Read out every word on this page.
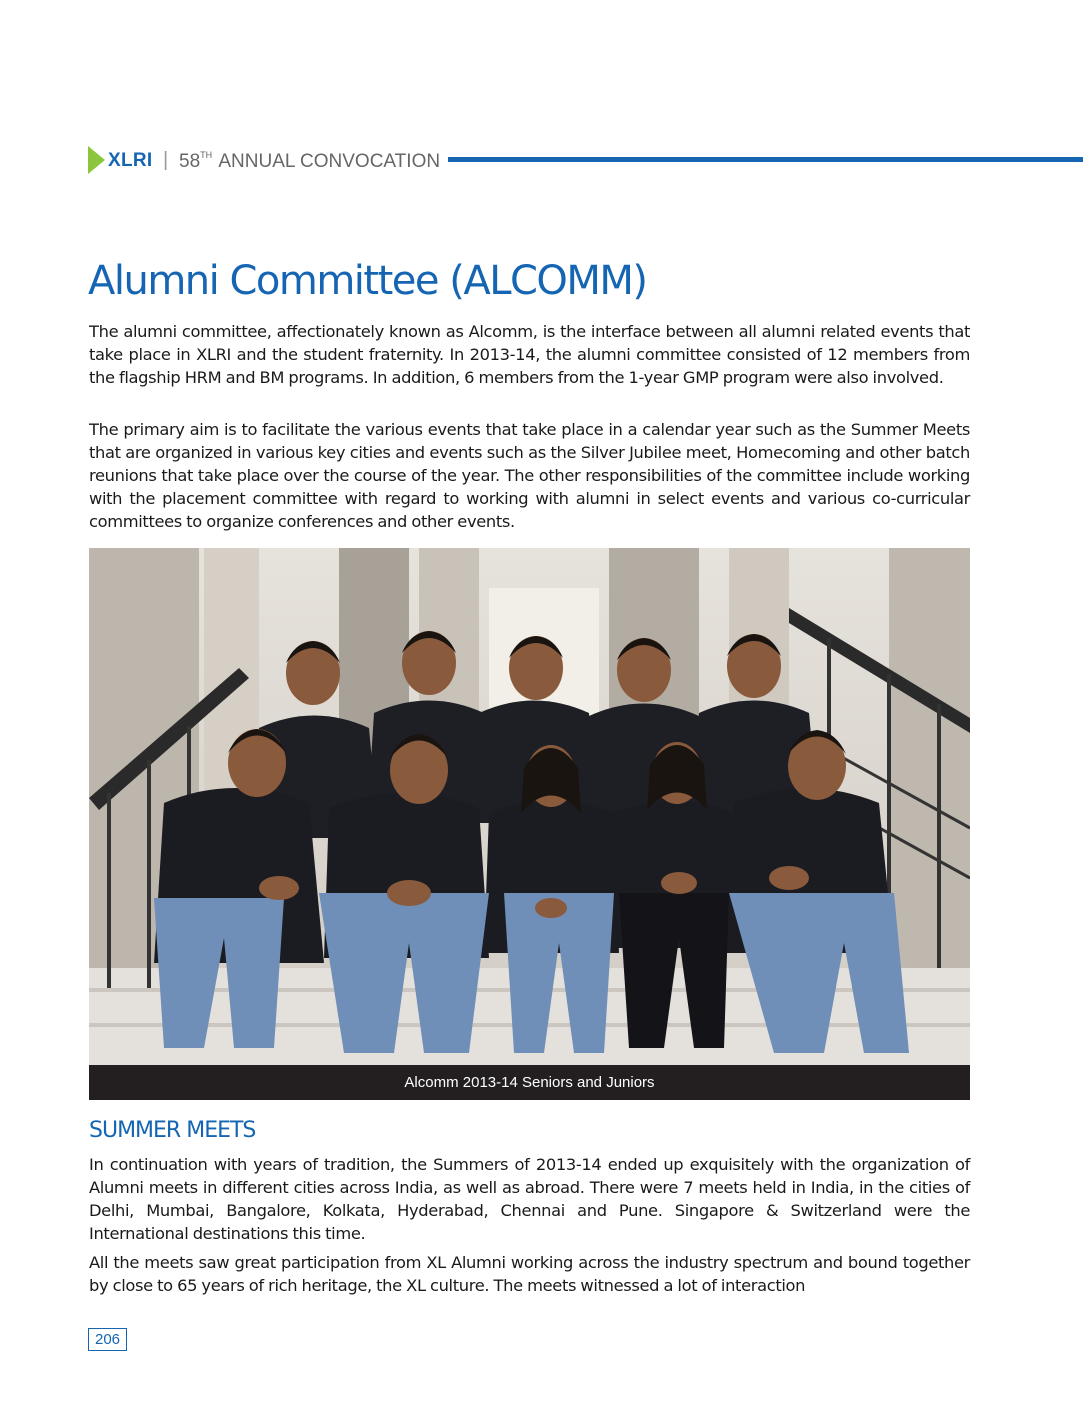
XLRI | 58TH ANNUAL CONVOCATION
Alumni Committee (ALCOMM)

The alumni committee, affectionately known as Alcomm, is the interface between all alumni related events that take place in XLRI and the student fraternity. In 2013-14, the alumni committee consisted of 12 members from the flagship HRM and BM programs. In addition, 6 members from the 1-year GMP program were also involved.

The primary aim is to facilitate the various events that take place in a calendar year such as the Summer Meets that are organized in various key cities and events such as the Silver Jubilee meet, Homecoming and other batch reunions that take place over the course of the year. The other responsibilities of the committee include working with the placement committee with regard to working with alumni in select events and various co-curricular committees to organize conferences and other events.

Alcomm 2013-14 Seniors and Juniors
SUMMER MEETS

In continuation with years of tradition, the Summers of 2013-14 ended up exquisitely with the organization of Alumni meets in different cities across India, as well as abroad. There were 7 meets held in India, in the cities of Delhi, Mumbai, Bangalore, Kolkata, Hyderabad, Chennai and Pune. Singapore & Switzerland were the International destinations this time.

All the meets saw great participation from XL Alumni working across the industry spectrum and bound together by close to 65 years of rich heritage, the XL culture. The meets witnessed a lot of interaction

206
